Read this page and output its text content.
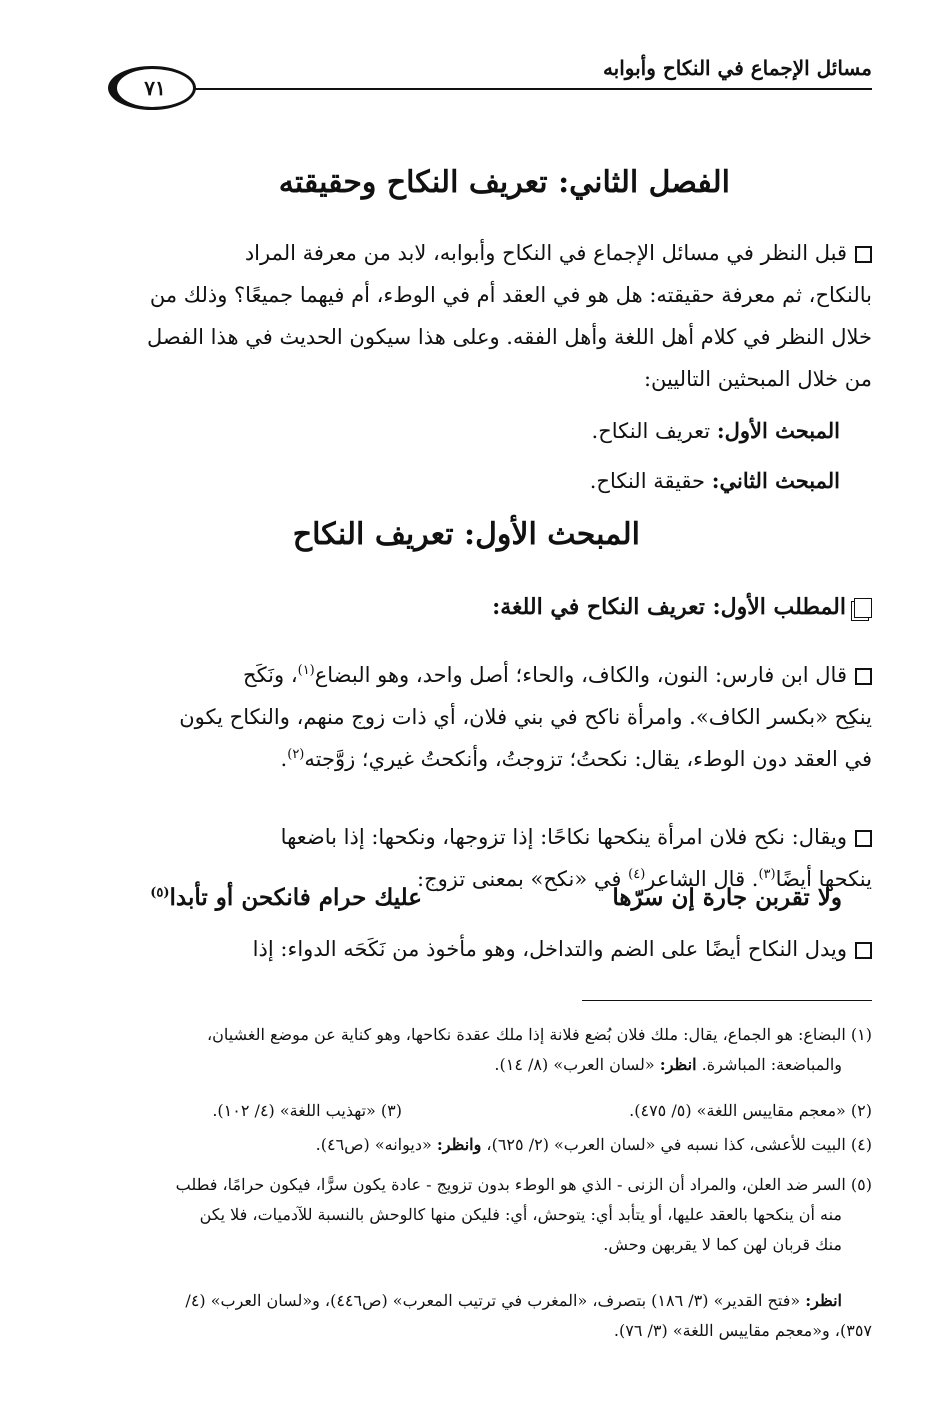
مسائل الإجماع في النكاح وأبوابه
٧١
الفصل الثاني: تعريف النكاح وحقيقته
قبل النظر في مسائل الإجماع في النكاح وأبوابه، لابد من معرفة المراد
بالنكاح، ثم معرفة حقيقته: هل هو في العقد أم في الوطء، أم فيهما جميعًا؟ وذلك من
خلال النظر في كلام أهل اللغة وأهل الفقه. وعلى هذا سيكون الحديث في هذا الفصل
من خلال المبحثين التاليين:
المبحث الأول: تعريف النكاح.
المبحث الثاني: حقيقة النكاح.
المبحث الأول: تعريف النكاح
المطلب الأول: تعريف النكاح في اللغة:
قال ابن فارس: النون، والكاف، والحاء؛ أصل واحد، وهو البضاع$^{(١)}$، ونَكَح
ينكِح «بكسر الكاف». وامرأة ناكح في بني فلان، أي ذات زوج منهم، والنكاح يكون
في العقد دون الوطء، يقال: نكحتُ؛ تزوجتُ، وأنكحتُ غيري؛ زوَّجته$^{(٢)}$.
ويقال: نكح فلان امرأة ينكحها نكاحًا: إذا تزوجها، ونكحها: إذا باضعها
ينكحها أيضًا$^{(٣)}$. قال الشاعر$^{(٤)}$ في «نكح» بمعنى تزوج:
ولا تقربن جارة إن سرّها
عليك حرام فانكحن أو تأبدا$^{(٥)}$
ويدل النكاح أيضًا على الضم والتداخل، وهو مأخوذ من نَكَحَه الدواء: إذا
(١) البضاع: هو الجماع، يقال: ملك فلان بُضع فلانة إذا ملك عقدة نكاحها، وهو كناية عن موضع الغشيان،

والمباضعة: المباشرة. انظر: «لسان العرب» (٨/ ١٤).
(٢) «معجم مقاييس اللغة» (٥/ ٤٧٥).
(٣) «تهذيب اللغة» (٤/ ١٠٢).
(٤) البيت للأعشى، كذا نسبه في «لسان العرب» (٢/ ٦٢٥)، وانظر: «ديوانه» (ص٤٦).
(٥) السر ضد العلن، والمراد أن الزنى - الذي هو الوطء بدون تزويج - عادة يكون سرًّا، فيكون حرامًا، فطلب

منه أن ينكحها بالعقد عليها، أو يتأبد أي: يتوحش، أي: فليكن منها كالوحش بالنسبة للآدميات، فلا يكن
منك قربان لهن كما لا يقربهن وحش.
انظر: «فتح القدير» (٣/ ١٨٦) بتصرف، «المغرب في ترتيب المعرب» (ص٤٤٦)، و«لسان العرب» (٤/
٣٥٧)، و«معجم مقاييس اللغة» (٣/ ٧٦).
